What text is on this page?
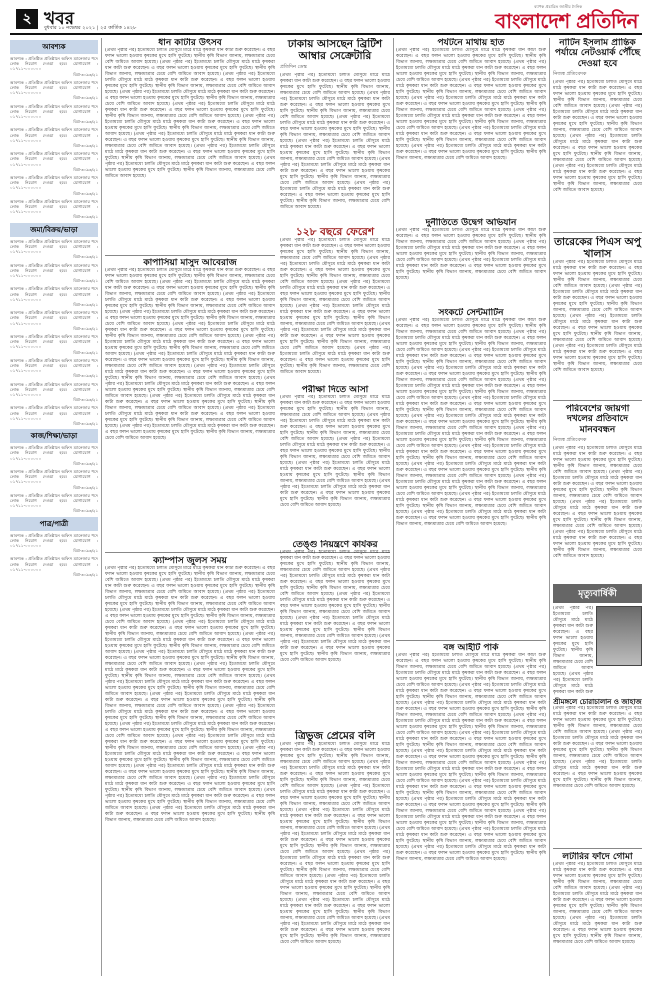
২ খবর
বুধবার ১০ নভেম্বর ২০২১ | ২৫ কার্তিক ১৪২৮
ব্যাপক প্রচারিত জাতীয় দৈনিক
বাংলাদেশ প্রতিদিন
আবশ্যক
আবশ্যক : প্রতিষ্ঠিত প্রতিষ্ঠানে অফিস ম্যানেজার পদে লোক নিয়োগ দেওয়া হবে। যোগাযোগ : ০১৭১১-০০০০০০
বিপ্র-৩০৯৩/২১
আবশ্যক : প্রতিষ্ঠিত প্রতিষ্ঠানে অফিস ম্যানেজার পদে লোক নিয়োগ দেওয়া হবে। যোগাযোগ : ০১৭১১-০০০০০০
বিপ্র-৩০৯৩/২১
আবশ্যক : প্রতিষ্ঠিত প্রতিষ্ঠানে অফিস ম্যানেজার পদে লোক নিয়োগ দেওয়া হবে। যোগাযোগ : ০১৭১১-০০০০০০
বিপ্র-৩০৯৩/২১
আবশ্যক : প্রতিষ্ঠিত প্রতিষ্ঠানে অফিস ম্যানেজার পদে লোক নিয়োগ দেওয়া হবে। যোগাযোগ : ০১৭১১-০০০০০০
বিপ্র-৩০৯৩/২১
আবশ্যক : প্রতিষ্ঠিত প্রতিষ্ঠানে অফিস ম্যানেজার পদে লোক নিয়োগ দেওয়া হবে। যোগাযোগ : ০১৭১১-০০০০০০
বিপ্র-৩০৯৩/২১
আবশ্যক : প্রতিষ্ঠিত প্রতিষ্ঠানে অফিস ম্যানেজার পদে লোক নিয়োগ দেওয়া হবে। যোগাযোগ : ০১৭১১-০০০০০০
বিপ্র-৩০৯৩/২১
আবশ্যক : প্রতিষ্ঠিত প্রতিষ্ঠানে অফিস ম্যানেজার পদে লোক নিয়োগ দেওয়া হবে। যোগাযোগ : ০১৭১১-০০০০০০
বিপ্র-৩০৯৩/২১
জমা/বিক্রয়/ভাড়া
আবশ্যক : প্রতিষ্ঠিত প্রতিষ্ঠানে অফিস ম্যানেজার পদে লোক নিয়োগ দেওয়া হবে। যোগাযোগ : ০১৭১১-০০০০০০
বিপ্র-৩০৯৩/২১
আবশ্যক : প্রতিষ্ঠিত প্রতিষ্ঠানে অফিস ম্যানেজার পদে লোক নিয়োগ দেওয়া হবে। যোগাযোগ : ০১৭১১-০০০০০০
বিপ্র-৩০৯৩/২১
আবশ্যক : প্রতিষ্ঠিত প্রতিষ্ঠানে অফিস ম্যানেজার পদে লোক নিয়োগ দেওয়া হবে। যোগাযোগ : ০১৭১১-০০০০০০
বিপ্র-৩০৯৩/২১
আবশ্যক : প্রতিষ্ঠিত প্রতিষ্ঠানে অফিস ম্যানেজার পদে লোক নিয়োগ দেওয়া হবে। যোগাযোগ : ০১৭১১-০০০০০০
বিপ্র-৩০৯৩/২১
আবশ্যক : প্রতিষ্ঠিত প্রতিষ্ঠানে অফিস ম্যানেজার পদে লোক নিয়োগ দেওয়া হবে। যোগাযোগ : ০১৭১১-০০০০০০
বিপ্র-৩০৯৩/২১
আবশ্যক : প্রতিষ্ঠিত প্রতিষ্ঠানে অফিস ম্যানেজার পদে লোক নিয়োগ দেওয়া হবে। যোগাযোগ : ০১৭১১-০০০০০০
বিপ্র-৩০৯৩/২১
আবশ্যক : প্রতিষ্ঠিত প্রতিষ্ঠানে অফিস ম্যানেজার পদে লোক নিয়োগ দেওয়া হবে। যোগাযোগ : ০১৭১১-০০০০০০
বিপ্র-৩০৯৩/২১
আবশ্যক : প্রতিষ্ঠিত প্রতিষ্ঠানে অফিস ম্যানেজার পদে লোক নিয়োগ দেওয়া হবে। যোগাযোগ : ০১৭১১-০০০০০০
বিপ্র-৩০৯৩/২১
কাজ/শিক্ষা/ভাড়া
আবশ্যক : প্রতিষ্ঠিত প্রতিষ্ঠানে অফিস ম্যানেজার পদে লোক নিয়োগ দেওয়া হবে। যোগাযোগ : ০১৭১১-০০০০০০
বিপ্র-৩০৯৩/২১
আবশ্যক : প্রতিষ্ঠিত প্রতিষ্ঠানে অফিস ম্যানেজার পদে লোক নিয়োগ দেওয়া হবে। যোগাযোগ : ০১৭১১-০০০০০০
বিপ্র-৩০৯৩/২১
আবশ্যক : প্রতিষ্ঠিত প্রতিষ্ঠানে অফিস ম্যানেজার পদে লোক নিয়োগ দেওয়া হবে। যোগাযোগ : ০১৭১১-০০০০০০
বিপ্র-৩০৯৩/২১
পাত্র/পাত্রী
আবশ্যক : প্রতিষ্ঠিত প্রতিষ্ঠানে অফিস ম্যানেজার পদে লোক নিয়োগ দেওয়া হবে। যোগাযোগ : ০১৭১১-০০০০০০
বিপ্র-৩০৯৩/২১
আবশ্যক : প্রতিষ্ঠিত প্রতিষ্ঠানে অফিস ম্যানেজার পদে লোক নিয়োগ দেওয়া হবে। যোগাযোগ : ০১৭১১-০০০০০০
বিপ্র-৩০৯৩/২১
ধান কাটার উৎসব
(প্রথম পৃষ্ঠার পর) ইতোমধ্যে চলতি মৌসুমে মাঠে মাঠে কৃষকরা ধান কাটা শুরু করেছেন। এ বছর ফলন ভালো হওয়ায় কৃষকের মুখে হাসি ফুটেছে। স্থানীয় কৃষি বিভাগ জানায়, লক্ষ্যমাত্রার চেয়ে বেশি জমিতে আবাদ হয়েছে। (প্রথম পৃষ্ঠার পর) ইতোমধ্যে চলতি মৌসুমে মাঠে মাঠে কৃষকরা ধান কাটা শুরু করেছেন। এ বছর ফলন ভালো হওয়ায় কৃষকের মুখে হাসি ফুটেছে। স্থানীয় কৃষি বিভাগ জানায়, লক্ষ্যমাত্রার চেয়ে বেশি জমিতে আবাদ হয়েছে। (প্রথম পৃষ্ঠার পর) ইতোমধ্যে চলতি মৌসুমে মাঠে মাঠে কৃষকরা ধান কাটা শুরু করেছেন। এ বছর ফলন ভালো হওয়ায় কৃষকের মুখে হাসি ফুটেছে। স্থানীয় কৃষি বিভাগ জানায়, লক্ষ্যমাত্রার চেয়ে বেশি জমিতে আবাদ হয়েছে। (প্রথম পৃষ্ঠার পর) ইতোমধ্যে চলতি মৌসুমে মাঠে মাঠে কৃষকরা ধান কাটা শুরু করেছেন। এ বছর ফলন ভালো হওয়ায় কৃষকের মুখে হাসি ফুটেছে। স্থানীয় কৃষি বিভাগ জানায়, লক্ষ্যমাত্রার চেয়ে বেশি জমিতে আবাদ হয়েছে। (প্রথম পৃষ্ঠার পর) ইতোমধ্যে চলতি মৌসুমে মাঠে মাঠে কৃষকরা ধান কাটা শুরু করেছেন। এ বছর ফলন ভালো হওয়ায় কৃষকের মুখে হাসি ফুটেছে। স্থানীয় কৃষি বিভাগ জানায়, লক্ষ্যমাত্রার চেয়ে বেশি জমিতে আবাদ হয়েছে। (প্রথম পৃষ্ঠার পর) ইতোমধ্যে চলতি মৌসুমে মাঠে মাঠে কৃষকরা ধান কাটা শুরু করেছেন। এ বছর ফলন ভালো হওয়ায় কৃষকের মুখে হাসি ফুটেছে। স্থানীয় কৃষি বিভাগ জানায়, লক্ষ্যমাত্রার চেয়ে বেশি জমিতে আবাদ হয়েছে। (প্রথম পৃষ্ঠার পর) ইতোমধ্যে চলতি মৌসুমে মাঠে মাঠে কৃষকরা ধান কাটা শুরু করেছেন। এ বছর ফলন ভালো হওয়ায় কৃষকের মুখে হাসি ফুটেছে। স্থানীয় কৃষি বিভাগ জানায়, লক্ষ্যমাত্রার চেয়ে বেশি জমিতে আবাদ হয়েছে। (প্রথম পৃষ্ঠার পর) ইতোমধ্যে চলতি মৌসুমে মাঠে মাঠে কৃষকরা ধান কাটা শুরু করেছেন। এ বছর ফলন ভালো হওয়ায় কৃষকের মুখে হাসি ফুটেছে। স্থানীয় কৃষি বিভাগ জানায়, লক্ষ্যমাত্রার চেয়ে বেশি জমিতে আবাদ হয়েছে। (প্রথম পৃষ্ঠার পর) ইতোমধ্যে চলতি মৌসুমে মাঠে মাঠে কৃষকরা ধান কাটা শুরু করেছেন। এ বছর ফলন ভালো হওয়ায় কৃষকের মুখে হাসি ফুটেছে। স্থানীয় কৃষি বিভাগ জানায়, লক্ষ্যমাত্রার চেয়ে বেশি জমিতে আবাদ হয়েছে।
ঢাকায় আসছেন ব্রিটিশ আম্বার সেক্রেটারি
প্রতিদিন ডেস্ক
(প্রথম পৃষ্ঠার পর) ইতোমধ্যে চলতি মৌসুমে মাঠে মাঠে কৃষকরা ধান কাটা শুরু করেছেন। এ বছর ফলন ভালো হওয়ায় কৃষকের মুখে হাসি ফুটেছে। স্থানীয় কৃষি বিভাগ জানায়, লক্ষ্যমাত্রার চেয়ে বেশি জমিতে আবাদ হয়েছে। (প্রথম পৃষ্ঠার পর) ইতোমধ্যে চলতি মৌসুমে মাঠে মাঠে কৃষকরা ধান কাটা শুরু করেছেন। এ বছর ফলন ভালো হওয়ায় কৃষকের মুখে হাসি ফুটেছে। স্থানীয় কৃষি বিভাগ জানায়, লক্ষ্যমাত্রার চেয়ে বেশি জমিতে আবাদ হয়েছে। (প্রথম পৃষ্ঠার পর) ইতোমধ্যে চলতি মৌসুমে মাঠে মাঠে কৃষকরা ধান কাটা শুরু করেছেন। এ বছর ফলন ভালো হওয়ায় কৃষকের মুখে হাসি ফুটেছে। স্থানীয় কৃষি বিভাগ জানায়, লক্ষ্যমাত্রার চেয়ে বেশি জমিতে আবাদ হয়েছে। (প্রথম পৃষ্ঠার পর) ইতোমধ্যে চলতি মৌসুমে মাঠে মাঠে কৃষকরা ধান কাটা শুরু করেছেন। এ বছর ফলন ভালো হওয়ায় কৃষকের মুখে হাসি ফুটেছে। স্থানীয় কৃষি বিভাগ জানায়, লক্ষ্যমাত্রার চেয়ে বেশি জমিতে আবাদ হয়েছে। (প্রথম পৃষ্ঠার পর) ইতোমধ্যে চলতি মৌসুমে মাঠে মাঠে কৃষকরা ধান কাটা শুরু করেছেন। এ বছর ফলন ভালো হওয়ায় কৃষকের মুখে হাসি ফুটেছে। স্থানীয় কৃষি বিভাগ জানায়, লক্ষ্যমাত্রার চেয়ে বেশি জমিতে আবাদ হয়েছে। (প্রথম পৃষ্ঠার পর) ইতোমধ্যে চলতি মৌসুমে মাঠে মাঠে কৃষকরা ধান কাটা শুরু করেছেন। এ বছর ফলন ভালো হওয়ায় কৃষকের মুখে হাসি ফুটেছে। স্থানীয় কৃষি বিভাগ জানায়, লক্ষ্যমাত্রার চেয়ে বেশি জমিতে আবাদ হয়েছে।
কাপাসিয়া মাসুদ আবেরাজ
(প্রথম পৃষ্ঠার পর) ইতোমধ্যে চলতি মৌসুমে মাঠে মাঠে কৃষকরা ধান কাটা শুরু করেছেন। এ বছর ফলন ভালো হওয়ায় কৃষকের মুখে হাসি ফুটেছে। স্থানীয় কৃষি বিভাগ জানায়, লক্ষ্যমাত্রার চেয়ে বেশি জমিতে আবাদ হয়েছে। (প্রথম পৃষ্ঠার পর) ইতোমধ্যে চলতি মৌসুমে মাঠে মাঠে কৃষকরা ধান কাটা শুরু করেছেন। এ বছর ফলন ভালো হওয়ায় কৃষকের মুখে হাসি ফুটেছে। স্থানীয় কৃষি বিভাগ জানায়, লক্ষ্যমাত্রার চেয়ে বেশি জমিতে আবাদ হয়েছে। (প্রথম পৃষ্ঠার পর) ইতোমধ্যে চলতি মৌসুমে মাঠে মাঠে কৃষকরা ধান কাটা শুরু করেছেন। এ বছর ফলন ভালো হওয়ায় কৃষকের মুখে হাসি ফুটেছে। স্থানীয় কৃষি বিভাগ জানায়, লক্ষ্যমাত্রার চেয়ে বেশি জমিতে আবাদ হয়েছে। (প্রথম পৃষ্ঠার পর) ইতোমধ্যে চলতি মৌসুমে মাঠে মাঠে কৃষকরা ধান কাটা শুরু করেছেন। এ বছর ফলন ভালো হওয়ায় কৃষকের মুখে হাসি ফুটেছে। স্থানীয় কৃষি বিভাগ জানায়, লক্ষ্যমাত্রার চেয়ে বেশি জমিতে আবাদ হয়েছে। (প্রথম পৃষ্ঠার পর) ইতোমধ্যে চলতি মৌসুমে মাঠে মাঠে কৃষকরা ধান কাটা শুরু করেছেন। এ বছর ফলন ভালো হওয়ায় কৃষকের মুখে হাসি ফুটেছে। স্থানীয় কৃষি বিভাগ জানায়, লক্ষ্যমাত্রার চেয়ে বেশি জমিতে আবাদ হয়েছে। (প্রথম পৃষ্ঠার পর) ইতোমধ্যে চলতি মৌসুমে মাঠে মাঠে কৃষকরা ধান কাটা শুরু করেছেন। এ বছর ফলন ভালো হওয়ায় কৃষকের মুখে হাসি ফুটেছে। স্থানীয় কৃষি বিভাগ জানায়, লক্ষ্যমাত্রার চেয়ে বেশি জমিতে আবাদ হয়েছে। (প্রথম পৃষ্ঠার পর) ইতোমধ্যে চলতি মৌসুমে মাঠে মাঠে কৃষকরা ধান কাটা শুরু করেছেন। এ বছর ফলন ভালো হওয়ায় কৃষকের মুখে হাসি ফুটেছে। স্থানীয় কৃষি বিভাগ জানায়, লক্ষ্যমাত্রার চেয়ে বেশি জমিতে আবাদ হয়েছে। (প্রথম পৃষ্ঠার পর) ইতোমধ্যে চলতি মৌসুমে মাঠে মাঠে কৃষকরা ধান কাটা শুরু করেছেন। এ বছর ফলন ভালো হওয়ায় কৃষকের মুখে হাসি ফুটেছে। স্থানীয় কৃষি বিভাগ জানায়, লক্ষ্যমাত্রার চেয়ে বেশি জমিতে আবাদ হয়েছে। (প্রথম পৃষ্ঠার পর) ইতোমধ্যে চলতি মৌসুমে মাঠে মাঠে কৃষকরা ধান কাটা শুরু করেছেন। এ বছর ফলন ভালো হওয়ায় কৃষকের মুখে হাসি ফুটেছে। স্থানীয় কৃষি বিভাগ জানায়, লক্ষ্যমাত্রার চেয়ে বেশি জমিতে আবাদ হয়েছে। (প্রথম পৃষ্ঠার পর) ইতোমধ্যে চলতি মৌসুমে মাঠে মাঠে কৃষকরা ধান কাটা শুরু করেছেন। এ বছর ফলন ভালো হওয়ায় কৃষকের মুখে হাসি ফুটেছে। স্থানীয় কৃষি বিভাগ জানায়, লক্ষ্যমাত্রার চেয়ে বেশি জমিতে আবাদ হয়েছে। (প্রথম পৃষ্ঠার পর) ইতোমধ্যে চলতি মৌসুমে মাঠে মাঠে কৃষকরা ধান কাটা শুরু করেছেন। এ বছর ফলন ভালো হওয়ায় কৃষকের মুখে হাসি ফুটেছে। স্থানীয় কৃষি বিভাগ জানায়, লক্ষ্যমাত্রার চেয়ে বেশি জমিতে আবাদ হয়েছে। (প্রথম পৃষ্ঠার পর) ইতোমধ্যে চলতি মৌসুমে মাঠে মাঠে কৃষকরা ধান কাটা শুরু করেছেন। এ বছর ফলন ভালো হওয়ায় কৃষকের মুখে হাসি ফুটেছে। স্থানীয় কৃষি বিভাগ জানায়, লক্ষ্যমাত্রার চেয়ে বেশি জমিতে আবাদ হয়েছে।
১২৮ বছরে ফেরেশ
(প্রথম পৃষ্ঠার পর) ইতোমধ্যে চলতি মৌসুমে মাঠে মাঠে কৃষকরা ধান কাটা শুরু করেছেন। এ বছর ফলন ভালো হওয়ায় কৃষকের মুখে হাসি ফুটেছে। স্থানীয় কৃষি বিভাগ জানায়, লক্ষ্যমাত্রার চেয়ে বেশি জমিতে আবাদ হয়েছে। (প্রথম পৃষ্ঠার পর) ইতোমধ্যে চলতি মৌসুমে মাঠে মাঠে কৃষকরা ধান কাটা শুরু করেছেন। এ বছর ফলন ভালো হওয়ায় কৃষকের মুখে হাসি ফুটেছে। স্থানীয় কৃষি বিভাগ জানায়, লক্ষ্যমাত্রার চেয়ে বেশি জমিতে আবাদ হয়েছে। (প্রথম পৃষ্ঠার পর) ইতোমধ্যে চলতি মৌসুমে মাঠে মাঠে কৃষকরা ধান কাটা শুরু করেছেন। এ বছর ফলন ভালো হওয়ায় কৃষকের মুখে হাসি ফুটেছে। স্থানীয় কৃষি বিভাগ জানায়, লক্ষ্যমাত্রার চেয়ে বেশি জমিতে আবাদ হয়েছে। (প্রথম পৃষ্ঠার পর) ইতোমধ্যে চলতি মৌসুমে মাঠে মাঠে কৃষকরা ধান কাটা শুরু করেছেন। এ বছর ফলন ভালো হওয়ায় কৃষকের মুখে হাসি ফুটেছে। স্থানীয় কৃষি বিভাগ জানায়, লক্ষ্যমাত্রার চেয়ে বেশি জমিতে আবাদ হয়েছে। (প্রথম পৃষ্ঠার পর) ইতোমধ্যে চলতি মৌসুমে মাঠে মাঠে কৃষকরা ধান কাটা শুরু করেছেন। এ বছর ফলন ভালো হওয়ায় কৃষকের মুখে হাসি ফুটেছে। স্থানীয় কৃষি বিভাগ জানায়, লক্ষ্যমাত্রার চেয়ে বেশি জমিতে আবাদ হয়েছে। (প্রথম পৃষ্ঠার পর) ইতোমধ্যে চলতি মৌসুমে মাঠে মাঠে কৃষকরা ধান কাটা শুরু করেছেন। এ বছর ফলন ভালো হওয়ায় কৃষকের মুখে হাসি ফুটেছে। স্থানীয় কৃষি বিভাগ জানায়, লক্ষ্যমাত্রার চেয়ে বেশি জমিতে আবাদ হয়েছে।
পরীক্ষা দিতে আসা
(প্রথম পৃষ্ঠার পর) ইতোমধ্যে চলতি মৌসুমে মাঠে মাঠে কৃষকরা ধান কাটা শুরু করেছেন। এ বছর ফলন ভালো হওয়ায় কৃষকের মুখে হাসি ফুটেছে। স্থানীয় কৃষি বিভাগ জানায়, লক্ষ্যমাত্রার চেয়ে বেশি জমিতে আবাদ হয়েছে। (প্রথম পৃষ্ঠার পর) ইতোমধ্যে চলতি মৌসুমে মাঠে মাঠে কৃষকরা ধান কাটা শুরু করেছেন। এ বছর ফলন ভালো হওয়ায় কৃষকের মুখে হাসি ফুটেছে। স্থানীয় কৃষি বিভাগ জানায়, লক্ষ্যমাত্রার চেয়ে বেশি জমিতে আবাদ হয়েছে। (প্রথম পৃষ্ঠার পর) ইতোমধ্যে চলতি মৌসুমে মাঠে মাঠে কৃষকরা ধান কাটা শুরু করেছেন। এ বছর ফলন ভালো হওয়ায় কৃষকের মুখে হাসি ফুটেছে। স্থানীয় কৃষি বিভাগ জানায়, লক্ষ্যমাত্রার চেয়ে বেশি জমিতে আবাদ হয়েছে। (প্রথম পৃষ্ঠার পর) ইতোমধ্যে চলতি মৌসুমে মাঠে মাঠে কৃষকরা ধান কাটা শুরু করেছেন। এ বছর ফলন ভালো হওয়ায় কৃষকের মুখে হাসি ফুটেছে। স্থানীয় কৃষি বিভাগ জানায়, লক্ষ্যমাত্রার চেয়ে বেশি জমিতে আবাদ হয়েছে। (প্রথম পৃষ্ঠার পর) ইতোমধ্যে চলতি মৌসুমে মাঠে মাঠে কৃষকরা ধান কাটা শুরু করেছেন। এ বছর ফলন ভালো হওয়ায় কৃষকের মুখে হাসি ফুটেছে। স্থানীয় কৃষি বিভাগ জানায়, লক্ষ্যমাত্রার চেয়ে বেশি জমিতে আবাদ হয়েছে।
ক্যাম্পাস জুলস সময়
(প্রথম পৃষ্ঠার পর) ইতোমধ্যে চলতি মৌসুমে মাঠে মাঠে কৃষকরা ধান কাটা শুরু করেছেন। এ বছর ফলন ভালো হওয়ায় কৃষকের মুখে হাসি ফুটেছে। স্থানীয় কৃষি বিভাগ জানায়, লক্ষ্যমাত্রার চেয়ে বেশি জমিতে আবাদ হয়েছে। (প্রথম পৃষ্ঠার পর) ইতোমধ্যে চলতি মৌসুমে মাঠে মাঠে কৃষকরা ধান কাটা শুরু করেছেন। এ বছর ফলন ভালো হওয়ায় কৃষকের মুখে হাসি ফুটেছে। স্থানীয় কৃষি বিভাগ জানায়, লক্ষ্যমাত্রার চেয়ে বেশি জমিতে আবাদ হয়েছে। (প্রথম পৃষ্ঠার পর) ইতোমধ্যে চলতি মৌসুমে মাঠে মাঠে কৃষকরা ধান কাটা শুরু করেছেন। এ বছর ফলন ভালো হওয়ায় কৃষকের মুখে হাসি ফুটেছে। স্থানীয় কৃষি বিভাগ জানায়, লক্ষ্যমাত্রার চেয়ে বেশি জমিতে আবাদ হয়েছে। (প্রথম পৃষ্ঠার পর) ইতোমধ্যে চলতি মৌসুমে মাঠে মাঠে কৃষকরা ধান কাটা শুরু করেছেন। এ বছর ফলন ভালো হওয়ায় কৃষকের মুখে হাসি ফুটেছে। স্থানীয় কৃষি বিভাগ জানায়, লক্ষ্যমাত্রার চেয়ে বেশি জমিতে আবাদ হয়েছে। (প্রথম পৃষ্ঠার পর) ইতোমধ্যে চলতি মৌসুমে মাঠে মাঠে কৃষকরা ধান কাটা শুরু করেছেন। এ বছর ফলন ভালো হওয়ায় কৃষকের মুখে হাসি ফুটেছে। স্থানীয় কৃষি বিভাগ জানায়, লক্ষ্যমাত্রার চেয়ে বেশি জমিতে আবাদ হয়েছে। (প্রথম পৃষ্ঠার পর) ইতোমধ্যে চলতি মৌসুমে মাঠে মাঠে কৃষকরা ধান কাটা শুরু করেছেন। এ বছর ফলন ভালো হওয়ায় কৃষকের মুখে হাসি ফুটেছে। স্থানীয় কৃষি বিভাগ জানায়, লক্ষ্যমাত্রার চেয়ে বেশি জমিতে আবাদ হয়েছে। (প্রথম পৃষ্ঠার পর) ইতোমধ্যে চলতি মৌসুমে মাঠে মাঠে কৃষকরা ধান কাটা শুরু করেছেন। এ বছর ফলন ভালো হওয়ায় কৃষকের মুখে হাসি ফুটেছে। স্থানীয় কৃষি বিভাগ জানায়, লক্ষ্যমাত্রার চেয়ে বেশি জমিতে আবাদ হয়েছে। (প্রথম পৃষ্ঠার পর) ইতোমধ্যে চলতি মৌসুমে মাঠে মাঠে কৃষকরা ধান কাটা শুরু করেছেন। এ বছর ফলন ভালো হওয়ায় কৃষকের মুখে হাসি ফুটেছে। স্থানীয় কৃষি বিভাগ জানায়, লক্ষ্যমাত্রার চেয়ে বেশি জমিতে আবাদ হয়েছে। (প্রথম পৃষ্ঠার পর) ইতোমধ্যে চলতি মৌসুমে মাঠে মাঠে কৃষকরা ধান কাটা শুরু করেছেন। এ বছর ফলন ভালো হওয়ায় কৃষকের মুখে হাসি ফুটেছে। স্থানীয় কৃষি বিভাগ জানায়, লক্ষ্যমাত্রার চেয়ে বেশি জমিতে আবাদ হয়েছে। (প্রথম পৃষ্ঠার পর) ইতোমধ্যে চলতি মৌসুমে মাঠে মাঠে কৃষকরা ধান কাটা শুরু করেছেন। এ বছর ফলন ভালো হওয়ায় কৃষকের মুখে হাসি ফুটেছে। স্থানীয় কৃষি বিভাগ জানায়, লক্ষ্যমাত্রার চেয়ে বেশি জমিতে আবাদ হয়েছে। (প্রথম পৃষ্ঠার পর) ইতোমধ্যে চলতি মৌসুমে মাঠে মাঠে কৃষকরা ধান কাটা শুরু করেছেন। এ বছর ফলন ভালো হওয়ায় কৃষকের মুখে হাসি ফুটেছে। স্থানীয় কৃষি বিভাগ জানায়, লক্ষ্যমাত্রার চেয়ে বেশি জমিতে আবাদ হয়েছে। (প্রথম পৃষ্ঠার পর) ইতোমধ্যে চলতি মৌসুমে মাঠে মাঠে কৃষকরা ধান কাটা শুরু করেছেন। এ বছর ফলন ভালো হওয়ায় কৃষকের মুখে হাসি ফুটেছে। স্থানীয় কৃষি বিভাগ জানায়, লক্ষ্যমাত্রার চেয়ে বেশি জমিতে আবাদ হয়েছে। (প্রথম পৃষ্ঠার পর) ইতোমধ্যে চলতি মৌসুমে মাঠে মাঠে কৃষকরা ধান কাটা শুরু করেছেন। এ বছর ফলন ভালো হওয়ায় কৃষকের মুখে হাসি ফুটেছে। স্থানীয় কৃষি বিভাগ জানায়, লক্ষ্যমাত্রার চেয়ে বেশি জমিতে আবাদ হয়েছে। (প্রথম পৃষ্ঠার পর) ইতোমধ্যে চলতি মৌসুমে মাঠে মাঠে কৃষকরা ধান কাটা শুরু করেছেন। এ বছর ফলন ভালো হওয়ায় কৃষকের মুখে হাসি ফুটেছে। স্থানীয় কৃষি বিভাগ জানায়, লক্ষ্যমাত্রার চেয়ে বেশি জমিতে আবাদ হয়েছে। (প্রথম পৃষ্ঠার পর) ইতোমধ্যে চলতি মৌসুমে মাঠে মাঠে কৃষকরা ধান কাটা শুরু করেছেন। এ বছর ফলন ভালো হওয়ায় কৃষকের মুখে হাসি ফুটেছে। স্থানীয় কৃষি বিভাগ জানায়, লক্ষ্যমাত্রার চেয়ে বেশি জমিতে আবাদ হয়েছে। (প্রথম পৃষ্ঠার পর) ইতোমধ্যে চলতি মৌসুমে মাঠে মাঠে কৃষকরা ধান কাটা শুরু করেছেন। এ বছর ফলন ভালো হওয়ায় কৃষকের মুখে হাসি ফুটেছে। স্থানীয় কৃষি বিভাগ জানায়, লক্ষ্যমাত্রার চেয়ে বেশি জমিতে আবাদ হয়েছে। (প্রথম পৃষ্ঠার পর) ইতোমধ্যে চলতি মৌসুমে মাঠে মাঠে কৃষকরা ধান কাটা শুরু করেছেন। এ বছর ফলন ভালো হওয়ায় কৃষকের মুখে হাসি ফুটেছে। স্থানীয় কৃষি বিভাগ জানায়, লক্ষ্যমাত্রার চেয়ে বেশি জমিতে আবাদ হয়েছে। (প্রথম পৃষ্ঠার পর) ইতোমধ্যে চলতি মৌসুমে মাঠে মাঠে কৃষকরা ধান কাটা শুরু করেছেন। এ বছর ফলন ভালো হওয়ায় কৃষকের মুখে হাসি ফুটেছে। স্থানীয় কৃষি বিভাগ জানায়, লক্ষ্যমাত্রার চেয়ে বেশি জমিতে আবাদ হয়েছে।
তেঙ্গু নিয়ন্ত্রণে কার্যকর
(প্রথম পৃষ্ঠার পর) ইতোমধ্যে চলতি মৌসুমে মাঠে মাঠে কৃষকরা ধান কাটা শুরু করেছেন। এ বছর ফলন ভালো হওয়ায় কৃষকের মুখে হাসি ফুটেছে। স্থানীয় কৃষি বিভাগ জানায়, লক্ষ্যমাত্রার চেয়ে বেশি জমিতে আবাদ হয়েছে। (প্রথম পৃষ্ঠার পর) ইতোমধ্যে চলতি মৌসুমে মাঠে মাঠে কৃষকরা ধান কাটা শুরু করেছেন। এ বছর ফলন ভালো হওয়ায় কৃষকের মুখে হাসি ফুটেছে। স্থানীয় কৃষি বিভাগ জানায়, লক্ষ্যমাত্রার চেয়ে বেশি জমিতে আবাদ হয়েছে। (প্রথম পৃষ্ঠার পর) ইতোমধ্যে চলতি মৌসুমে মাঠে মাঠে কৃষকরা ধান কাটা শুরু করেছেন। এ বছর ফলন ভালো হওয়ায় কৃষকের মুখে হাসি ফুটেছে। স্থানীয় কৃষি বিভাগ জানায়, লক্ষ্যমাত্রার চেয়ে বেশি জমিতে আবাদ হয়েছে। (প্রথম পৃষ্ঠার পর) ইতোমধ্যে চলতি মৌসুমে মাঠে মাঠে কৃষকরা ধান কাটা শুরু করেছেন। এ বছর ফলন ভালো হওয়ায় কৃষকের মুখে হাসি ফুটেছে। স্থানীয় কৃষি বিভাগ জানায়, লক্ষ্যমাত্রার চেয়ে বেশি জমিতে আবাদ হয়েছে। (প্রথম পৃষ্ঠার পর) ইতোমধ্যে চলতি মৌসুমে মাঠে মাঠে কৃষকরা ধান কাটা শুরু করেছেন। এ বছর ফলন ভালো হওয়ায় কৃষকের মুখে হাসি ফুটেছে। স্থানীয় কৃষি বিভাগ জানায়, লক্ষ্যমাত্রার চেয়ে বেশি জমিতে আবাদ হয়েছে।
ত্রিভুজ প্রেমের বলি
(প্রথম পৃষ্ঠার পর) ইতোমধ্যে চলতি মৌসুমে মাঠে মাঠে কৃষকরা ধান কাটা শুরু করেছেন। এ বছর ফলন ভালো হওয়ায় কৃষকের মুখে হাসি ফুটেছে। স্থানীয় কৃষি বিভাগ জানায়, লক্ষ্যমাত্রার চেয়ে বেশি জমিতে আবাদ হয়েছে। (প্রথম পৃষ্ঠার পর) ইতোমধ্যে চলতি মৌসুমে মাঠে মাঠে কৃষকরা ধান কাটা শুরু করেছেন। এ বছর ফলন ভালো হওয়ায় কৃষকের মুখে হাসি ফুটেছে। স্থানীয় কৃষি বিভাগ জানায়, লক্ষ্যমাত্রার চেয়ে বেশি জমিতে আবাদ হয়েছে। (প্রথম পৃষ্ঠার পর) ইতোমধ্যে চলতি মৌসুমে মাঠে মাঠে কৃষকরা ধান কাটা শুরু করেছেন। এ বছর ফলন ভালো হওয়ায় কৃষকের মুখে হাসি ফুটেছে। স্থানীয় কৃষি বিভাগ জানায়, লক্ষ্যমাত্রার চেয়ে বেশি জমিতে আবাদ হয়েছে। (প্রথম পৃষ্ঠার পর) ইতোমধ্যে চলতি মৌসুমে মাঠে মাঠে কৃষকরা ধান কাটা শুরু করেছেন। এ বছর ফলন ভালো হওয়ায় কৃষকের মুখে হাসি ফুটেছে। স্থানীয় কৃষি বিভাগ জানায়, লক্ষ্যমাত্রার চেয়ে বেশি জমিতে আবাদ হয়েছে। (প্রথম পৃষ্ঠার পর) ইতোমধ্যে চলতি মৌসুমে মাঠে মাঠে কৃষকরা ধান কাটা শুরু করেছেন। এ বছর ফলন ভালো হওয়ায় কৃষকের মুখে হাসি ফুটেছে। স্থানীয় কৃষি বিভাগ জানায়, লক্ষ্যমাত্রার চেয়ে বেশি জমিতে আবাদ হয়েছে। (প্রথম পৃষ্ঠার পর) ইতোমধ্যে চলতি মৌসুমে মাঠে মাঠে কৃষকরা ধান কাটা শুরু করেছেন। এ বছর ফলন ভালো হওয়ায় কৃষকের মুখে হাসি ফুটেছে। স্থানীয় কৃষি বিভাগ জানায়, লক্ষ্যমাত্রার চেয়ে বেশি জমিতে আবাদ হয়েছে। (প্রথম পৃষ্ঠার পর) ইতোমধ্যে চলতি মৌসুমে মাঠে মাঠে কৃষকরা ধান কাটা শুরু করেছেন। এ বছর ফলন ভালো হওয়ায় কৃষকের মুখে হাসি ফুটেছে। স্থানীয় কৃষি বিভাগ জানায়, লক্ষ্যমাত্রার চেয়ে বেশি জমিতে আবাদ হয়েছে। (প্রথম পৃষ্ঠার পর) ইতোমধ্যে চলতি মৌসুমে মাঠে মাঠে কৃষকরা ধান কাটা শুরু করেছেন। এ বছর ফলন ভালো হওয়ায় কৃষকের মুখে হাসি ফুটেছে। স্থানীয় কৃষি বিভাগ জানায়, লক্ষ্যমাত্রার চেয়ে বেশি জমিতে আবাদ হয়েছে। (প্রথম পৃষ্ঠার পর) ইতোমধ্যে চলতি মৌসুমে মাঠে মাঠে কৃষকরা ধান কাটা শুরু করেছেন। এ বছর ফলন ভালো হওয়ায় কৃষকের মুখে হাসি ফুটেছে। স্থানীয় কৃষি বিভাগ জানায়, লক্ষ্যমাত্রার চেয়ে বেশি জমিতে আবাদ হয়েছে।
পর্যটনে মাথায় হাত
(প্রথম পৃষ্ঠার পর) ইতোমধ্যে চলতি মৌসুমে মাঠে মাঠে কৃষকরা ধান কাটা শুরু করেছেন। এ বছর ফলন ভালো হওয়ায় কৃষকের মুখে হাসি ফুটেছে। স্থানীয় কৃষি বিভাগ জানায়, লক্ষ্যমাত্রার চেয়ে বেশি জমিতে আবাদ হয়েছে। (প্রথম পৃষ্ঠার পর) ইতোমধ্যে চলতি মৌসুমে মাঠে মাঠে কৃষকরা ধান কাটা শুরু করেছেন। এ বছর ফলন ভালো হওয়ায় কৃষকের মুখে হাসি ফুটেছে। স্থানীয় কৃষি বিভাগ জানায়, লক্ষ্যমাত্রার চেয়ে বেশি জমিতে আবাদ হয়েছে। (প্রথম পৃষ্ঠার পর) ইতোমধ্যে চলতি মৌসুমে মাঠে মাঠে কৃষকরা ধান কাটা শুরু করেছেন। এ বছর ফলন ভালো হওয়ায় কৃষকের মুখে হাসি ফুটেছে। স্থানীয় কৃষি বিভাগ জানায়, লক্ষ্যমাত্রার চেয়ে বেশি জমিতে আবাদ হয়েছে। (প্রথম পৃষ্ঠার পর) ইতোমধ্যে চলতি মৌসুমে মাঠে মাঠে কৃষকরা ধান কাটা শুরু করেছেন। এ বছর ফলন ভালো হওয়ায় কৃষকের মুখে হাসি ফুটেছে। স্থানীয় কৃষি বিভাগ জানায়, লক্ষ্যমাত্রার চেয়ে বেশি জমিতে আবাদ হয়েছে। (প্রথম পৃষ্ঠার পর) ইতোমধ্যে চলতি মৌসুমে মাঠে মাঠে কৃষকরা ধান কাটা শুরু করেছেন। এ বছর ফলন ভালো হওয়ায় কৃষকের মুখে হাসি ফুটেছে। স্থানীয় কৃষি বিভাগ জানায়, লক্ষ্যমাত্রার চেয়ে বেশি জমিতে আবাদ হয়েছে। (প্রথম পৃষ্ঠার পর) ইতোমধ্যে চলতি মৌসুমে মাঠে মাঠে কৃষকরা ধান কাটা শুরু করেছেন। এ বছর ফলন ভালো হওয়ায় কৃষকের মুখে হাসি ফুটেছে। স্থানীয় কৃষি বিভাগ জানায়, লক্ষ্যমাত্রার চেয়ে বেশি জমিতে আবাদ হয়েছে। (প্রথম পৃষ্ঠার পর) ইতোমধ্যে চলতি মৌসুমে মাঠে মাঠে কৃষকরা ধান কাটা শুরু করেছেন। এ বছর ফলন ভালো হওয়ায় কৃষকের মুখে হাসি ফুটেছে। স্থানীয় কৃষি বিভাগ জানায়, লক্ষ্যমাত্রার চেয়ে বেশি জমিতে আবাদ হয়েছে।
দুর্নীতিতে উদ্বেগ অভিযান
(প্রথম পৃষ্ঠার পর) ইতোমধ্যে চলতি মৌসুমে মাঠে মাঠে কৃষকরা ধান কাটা শুরু করেছেন। এ বছর ফলন ভালো হওয়ায় কৃষকের মুখে হাসি ফুটেছে। স্থানীয় কৃষি বিভাগ জানায়, লক্ষ্যমাত্রার চেয়ে বেশি জমিতে আবাদ হয়েছে। (প্রথম পৃষ্ঠার পর) ইতোমধ্যে চলতি মৌসুমে মাঠে মাঠে কৃষকরা ধান কাটা শুরু করেছেন। এ বছর ফলন ভালো হওয়ায় কৃষকের মুখে হাসি ফুটেছে। স্থানীয় কৃষি বিভাগ জানায়, লক্ষ্যমাত্রার চেয়ে বেশি জমিতে আবাদ হয়েছে। (প্রথম পৃষ্ঠার পর) ইতোমধ্যে চলতি মৌসুমে মাঠে মাঠে কৃষকরা ধান কাটা শুরু করেছেন। এ বছর ফলন ভালো হওয়ায় কৃষকের মুখে হাসি ফুটেছে। স্থানীয় কৃষি বিভাগ জানায়, লক্ষ্যমাত্রার চেয়ে বেশি জমিতে আবাদ হয়েছে।
সংকটে সেন্টমার্টিন
(প্রথম পৃষ্ঠার পর) ইতোমধ্যে চলতি মৌসুমে মাঠে মাঠে কৃষকরা ধান কাটা শুরু করেছেন। এ বছর ফলন ভালো হওয়ায় কৃষকের মুখে হাসি ফুটেছে। স্থানীয় কৃষি বিভাগ জানায়, লক্ষ্যমাত্রার চেয়ে বেশি জমিতে আবাদ হয়েছে। (প্রথম পৃষ্ঠার পর) ইতোমধ্যে চলতি মৌসুমে মাঠে মাঠে কৃষকরা ধান কাটা শুরু করেছেন। এ বছর ফলন ভালো হওয়ায় কৃষকের মুখে হাসি ফুটেছে। স্থানীয় কৃষি বিভাগ জানায়, লক্ষ্যমাত্রার চেয়ে বেশি জমিতে আবাদ হয়েছে। (প্রথম পৃষ্ঠার পর) ইতোমধ্যে চলতি মৌসুমে মাঠে মাঠে কৃষকরা ধান কাটা শুরু করেছেন। এ বছর ফলন ভালো হওয়ায় কৃষকের মুখে হাসি ফুটেছে। স্থানীয় কৃষি বিভাগ জানায়, লক্ষ্যমাত্রার চেয়ে বেশি জমিতে আবাদ হয়েছে। (প্রথম পৃষ্ঠার পর) ইতোমধ্যে চলতি মৌসুমে মাঠে মাঠে কৃষকরা ধান কাটা শুরু করেছেন। এ বছর ফলন ভালো হওয়ায় কৃষকের মুখে হাসি ফুটেছে। স্থানীয় কৃষি বিভাগ জানায়, লক্ষ্যমাত্রার চেয়ে বেশি জমিতে আবাদ হয়েছে। (প্রথম পৃষ্ঠার পর) ইতোমধ্যে চলতি মৌসুমে মাঠে মাঠে কৃষকরা ধান কাটা শুরু করেছেন। এ বছর ফলন ভালো হওয়ায় কৃষকের মুখে হাসি ফুটেছে। স্থানীয় কৃষি বিভাগ জানায়, লক্ষ্যমাত্রার চেয়ে বেশি জমিতে আবাদ হয়েছে। (প্রথম পৃষ্ঠার পর) ইতোমধ্যে চলতি মৌসুমে মাঠে মাঠে কৃষকরা ধান কাটা শুরু করেছেন। এ বছর ফলন ভালো হওয়ায় কৃষকের মুখে হাসি ফুটেছে। স্থানীয় কৃষি বিভাগ জানায়, লক্ষ্যমাত্রার চেয়ে বেশি জমিতে আবাদ হয়েছে। (প্রথম পৃষ্ঠার পর) ইতোমধ্যে চলতি মৌসুমে মাঠে মাঠে কৃষকরা ধান কাটা শুরু করেছেন। এ বছর ফলন ভালো হওয়ায় কৃষকের মুখে হাসি ফুটেছে। স্থানীয় কৃষি বিভাগ জানায়, লক্ষ্যমাত্রার চেয়ে বেশি জমিতে আবাদ হয়েছে। (প্রথম পৃষ্ঠার পর) ইতোমধ্যে চলতি মৌসুমে মাঠে মাঠে কৃষকরা ধান কাটা শুরু করেছেন। এ বছর ফলন ভালো হওয়ায় কৃষকের মুখে হাসি ফুটেছে। স্থানীয় কৃষি বিভাগ জানায়, লক্ষ্যমাত্রার চেয়ে বেশি জমিতে আবাদ হয়েছে। (প্রথম পৃষ্ঠার পর) ইতোমধ্যে চলতি মৌসুমে মাঠে মাঠে কৃষকরা ধান কাটা শুরু করেছেন। এ বছর ফলন ভালো হওয়ায় কৃষকের মুখে হাসি ফুটেছে। স্থানীয় কৃষি বিভাগ জানায়, লক্ষ্যমাত্রার চেয়ে বেশি জমিতে আবাদ হয়েছে। (প্রথম পৃষ্ঠার পর) ইতোমধ্যে চলতি মৌসুমে মাঠে মাঠে কৃষকরা ধান কাটা শুরু করেছেন। এ বছর ফলন ভালো হওয়ায় কৃষকের মুখে হাসি ফুটেছে। স্থানীয় কৃষি বিভাগ জানায়, লক্ষ্যমাত্রার চেয়ে বেশি জমিতে আবাদ হয়েছে। (প্রথম পৃষ্ঠার পর) ইতোমধ্যে চলতি মৌসুমে মাঠে মাঠে কৃষকরা ধান কাটা শুরু করেছেন। এ বছর ফলন ভালো হওয়ায় কৃষকের মুখে হাসি ফুটেছে। স্থানীয় কৃষি বিভাগ জানায়, লক্ষ্যমাত্রার চেয়ে বেশি জমিতে আবাদ হয়েছে। (প্রথম পৃষ্ঠার পর) ইতোমধ্যে চলতি মৌসুমে মাঠে মাঠে কৃষকরা ধান কাটা শুরু করেছেন। এ বছর ফলন ভালো হওয়ায় কৃষকের মুখে হাসি ফুটেছে। স্থানীয় কৃষি বিভাগ জানায়, লক্ষ্যমাত্রার চেয়ে বেশি জমিতে আবাদ হয়েছে। (প্রথম পৃষ্ঠার পর) ইতোমধ্যে চলতি মৌসুমে মাঠে মাঠে কৃষকরা ধান কাটা শুরু করেছেন। এ বছর ফলন ভালো হওয়ায় কৃষকের মুখে হাসি ফুটেছে। স্থানীয় কৃষি বিভাগ জানায়, লক্ষ্যমাত্রার চেয়ে বেশি জমিতে আবাদ হয়েছে।
বঙ্গ আইটি পার্ক
(প্রথম পৃষ্ঠার পর) ইতোমধ্যে চলতি মৌসুমে মাঠে মাঠে কৃষকরা ধান কাটা শুরু করেছেন। এ বছর ফলন ভালো হওয়ায় কৃষকের মুখে হাসি ফুটেছে। স্থানীয় কৃষি বিভাগ জানায়, লক্ষ্যমাত্রার চেয়ে বেশি জমিতে আবাদ হয়েছে। (প্রথম পৃষ্ঠার পর) ইতোমধ্যে চলতি মৌসুমে মাঠে মাঠে কৃষকরা ধান কাটা শুরু করেছেন। এ বছর ফলন ভালো হওয়ায় কৃষকের মুখে হাসি ফুটেছে। স্থানীয় কৃষি বিভাগ জানায়, লক্ষ্যমাত্রার চেয়ে বেশি জমিতে আবাদ হয়েছে। (প্রথম পৃষ্ঠার পর) ইতোমধ্যে চলতি মৌসুমে মাঠে মাঠে কৃষকরা ধান কাটা শুরু করেছেন। এ বছর ফলন ভালো হওয়ায় কৃষকের মুখে হাসি ফুটেছে। স্থানীয় কৃষি বিভাগ জানায়, লক্ষ্যমাত্রার চেয়ে বেশি জমিতে আবাদ হয়েছে। (প্রথম পৃষ্ঠার পর) ইতোমধ্যে চলতি মৌসুমে মাঠে মাঠে কৃষকরা ধান কাটা শুরু করেছেন। এ বছর ফলন ভালো হওয়ায় কৃষকের মুখে হাসি ফুটেছে। স্থানীয় কৃষি বিভাগ জানায়, লক্ষ্যমাত্রার চেয়ে বেশি জমিতে আবাদ হয়েছে। (প্রথম পৃষ্ঠার পর) ইতোমধ্যে চলতি মৌসুমে মাঠে মাঠে কৃষকরা ধান কাটা শুরু করেছেন। এ বছর ফলন ভালো হওয়ায় কৃষকের মুখে হাসি ফুটেছে। স্থানীয় কৃষি বিভাগ জানায়, লক্ষ্যমাত্রার চেয়ে বেশি জমিতে আবাদ হয়েছে। (প্রথম পৃষ্ঠার পর) ইতোমধ্যে চলতি মৌসুমে মাঠে মাঠে কৃষকরা ধান কাটা শুরু করেছেন। এ বছর ফলন ভালো হওয়ায় কৃষকের মুখে হাসি ফুটেছে। স্থানীয় কৃষি বিভাগ জানায়, লক্ষ্যমাত্রার চেয়ে বেশি জমিতে আবাদ হয়েছে। (প্রথম পৃষ্ঠার পর) ইতোমধ্যে চলতি মৌসুমে মাঠে মাঠে কৃষকরা ধান কাটা শুরু করেছেন। এ বছর ফলন ভালো হওয়ায় কৃষকের মুখে হাসি ফুটেছে। স্থানীয় কৃষি বিভাগ জানায়, লক্ষ্যমাত্রার চেয়ে বেশি জমিতে আবাদ হয়েছে। (প্রথম পৃষ্ঠার পর) ইতোমধ্যে চলতি মৌসুমে মাঠে মাঠে কৃষকরা ধান কাটা শুরু করেছেন। এ বছর ফলন ভালো হওয়ায় কৃষকের মুখে হাসি ফুটেছে। স্থানীয় কৃষি বিভাগ জানায়, লক্ষ্যমাত্রার চেয়ে বেশি জমিতে আবাদ হয়েছে। (প্রথম পৃষ্ঠার পর) ইতোমধ্যে চলতি মৌসুমে মাঠে মাঠে কৃষকরা ধান কাটা শুরু করেছেন। এ বছর ফলন ভালো হওয়ায় কৃষকের মুখে হাসি ফুটেছে। স্থানীয় কৃষি বিভাগ জানায়, লক্ষ্যমাত্রার চেয়ে বেশি জমিতে আবাদ হয়েছে। (প্রথম পৃষ্ঠার পর) ইতোমধ্যে চলতি মৌসুমে মাঠে মাঠে কৃষকরা ধান কাটা শুরু করেছেন। এ বছর ফলন ভালো হওয়ায় কৃষকের মুখে হাসি ফুটেছে। স্থানীয় কৃষি বিভাগ জানায়, লক্ষ্যমাত্রার চেয়ে বেশি জমিতে আবাদ হয়েছে। (প্রথম পৃষ্ঠার পর) ইতোমধ্যে চলতি মৌসুমে মাঠে মাঠে কৃষকরা ধান কাটা শুরু করেছেন। এ বছর ফলন ভালো হওয়ায় কৃষকের মুখে হাসি ফুটেছে। স্থানীয় কৃষি বিভাগ জানায়, লক্ষ্যমাত্রার চেয়ে বেশি জমিতে আবাদ হয়েছে। (প্রথম পৃষ্ঠার পর) ইতোমধ্যে চলতি মৌসুমে মাঠে মাঠে কৃষকরা ধান কাটা শুরু করেছেন। এ বছর ফলন ভালো হওয়ায় কৃষকের মুখে হাসি ফুটেছে। স্থানীয় কৃষি বিভাগ জানায়, লক্ষ্যমাত্রার চেয়ে বেশি জমিতে আবাদ হয়েছে। (প্রথম পৃষ্ঠার পর) ইতোমধ্যে চলতি মৌসুমে মাঠে মাঠে কৃষকরা ধান কাটা শুরু করেছেন। এ বছর ফলন ভালো হওয়ায় কৃষকের মুখে হাসি ফুটেছে। স্থানীয় কৃষি বিভাগ জানায়, লক্ষ্যমাত্রার চেয়ে বেশি জমিতে আবাদ হয়েছে।
নাটিন ইসলাম প্রান্তিক পর্যায়ে নেটওয়ার্ক পৌঁছে দেওয়া হবে
নিজস্ব প্রতিবেদক
(প্রথম পৃষ্ঠার পর) ইতোমধ্যে চলতি মৌসুমে মাঠে মাঠে কৃষকরা ধান কাটা শুরু করেছেন। এ বছর ফলন ভালো হওয়ায় কৃষকের মুখে হাসি ফুটেছে। স্থানীয় কৃষি বিভাগ জানায়, লক্ষ্যমাত্রার চেয়ে বেশি জমিতে আবাদ হয়েছে। (প্রথম পৃষ্ঠার পর) ইতোমধ্যে চলতি মৌসুমে মাঠে মাঠে কৃষকরা ধান কাটা শুরু করেছেন। এ বছর ফলন ভালো হওয়ায় কৃষকের মুখে হাসি ফুটেছে। স্থানীয় কৃষি বিভাগ জানায়, লক্ষ্যমাত্রার চেয়ে বেশি জমিতে আবাদ হয়েছে। (প্রথম পৃষ্ঠার পর) ইতোমধ্যে চলতি মৌসুমে মাঠে মাঠে কৃষকরা ধান কাটা শুরু করেছেন। এ বছর ফলন ভালো হওয়ায় কৃষকের মুখে হাসি ফুটেছে। স্থানীয় কৃষি বিভাগ জানায়, লক্ষ্যমাত্রার চেয়ে বেশি জমিতে আবাদ হয়েছে। (প্রথম পৃষ্ঠার পর) ইতোমধ্যে চলতি মৌসুমে মাঠে মাঠে কৃষকরা ধান কাটা শুরু করেছেন। এ বছর ফলন ভালো হওয়ায় কৃষকের মুখে হাসি ফুটেছে। স্থানীয় কৃষি বিভাগ জানায়, লক্ষ্যমাত্রার চেয়ে বেশি জমিতে আবাদ হয়েছে।
তারেকের পিএস অপু খালাস
(প্রথম পৃষ্ঠার পর) ইতোমধ্যে চলতি মৌসুমে মাঠে মাঠে কৃষকরা ধান কাটা শুরু করেছেন। এ বছর ফলন ভালো হওয়ায় কৃষকের মুখে হাসি ফুটেছে। স্থানীয় কৃষি বিভাগ জানায়, লক্ষ্যমাত্রার চেয়ে বেশি জমিতে আবাদ হয়েছে। (প্রথম পৃষ্ঠার পর) ইতোমধ্যে চলতি মৌসুমে মাঠে মাঠে কৃষকরা ধান কাটা শুরু করেছেন। এ বছর ফলন ভালো হওয়ায় কৃষকের মুখে হাসি ফুটেছে। স্থানীয় কৃষি বিভাগ জানায়, লক্ষ্যমাত্রার চেয়ে বেশি জমিতে আবাদ হয়েছে। (প্রথম পৃষ্ঠার পর) ইতোমধ্যে চলতি মৌসুমে মাঠে মাঠে কৃষকরা ধান কাটা শুরু করেছেন। এ বছর ফলন ভালো হওয়ায় কৃষকের মুখে হাসি ফুটেছে। স্থানীয় কৃষি বিভাগ জানায়, লক্ষ্যমাত্রার চেয়ে বেশি জমিতে আবাদ হয়েছে। (প্রথম পৃষ্ঠার পর) ইতোমধ্যে চলতি মৌসুমে মাঠে মাঠে কৃষকরা ধান কাটা শুরু করেছেন। এ বছর ফলন ভালো হওয়ায় কৃষকের মুখে হাসি ফুটেছে। স্থানীয় কৃষি বিভাগ জানায়, লক্ষ্যমাত্রার চেয়ে বেশি জমিতে আবাদ হয়েছে।
পরিবেশের জায়গা দখলের প্রতিবাদে মানববন্ধন
নিজস্ব প্রতিবেদক
(প্রথম পৃষ্ঠার পর) ইতোমধ্যে চলতি মৌসুমে মাঠে মাঠে কৃষকরা ধান কাটা শুরু করেছেন। এ বছর ফলন ভালো হওয়ায় কৃষকের মুখে হাসি ফুটেছে। স্থানীয় কৃষি বিভাগ জানায়, লক্ষ্যমাত্রার চেয়ে বেশি জমিতে আবাদ হয়েছে। (প্রথম পৃষ্ঠার পর) ইতোমধ্যে চলতি মৌসুমে মাঠে মাঠে কৃষকরা ধান কাটা শুরু করেছেন। এ বছর ফলন ভালো হওয়ায় কৃষকের মুখে হাসি ফুটেছে। স্থানীয় কৃষি বিভাগ জানায়, লক্ষ্যমাত্রার চেয়ে বেশি জমিতে আবাদ হয়েছে। (প্রথম পৃষ্ঠার পর) ইতোমধ্যে চলতি মৌসুমে মাঠে মাঠে কৃষকরা ধান কাটা শুরু করেছেন। এ বছর ফলন ভালো হওয়ায় কৃষকের মুখে হাসি ফুটেছে। স্থানীয় কৃষি বিভাগ জানায়, লক্ষ্যমাত্রার চেয়ে বেশি জমিতে আবাদ হয়েছে। (প্রথম পৃষ্ঠার পর) ইতোমধ্যে চলতি মৌসুমে মাঠে মাঠে কৃষকরা ধান কাটা শুরু করেছেন। এ বছর ফলন ভালো হওয়ায় কৃষকের মুখে হাসি ফুটেছে। স্থানীয় কৃষি বিভাগ জানায়, লক্ষ্যমাত্রার চেয়ে বেশি জমিতে আবাদ হয়েছে।
মৃত্যুবার্ষিকী
(প্রথম পৃষ্ঠার পর) ইতোমধ্যে চলতি মৌসুমে মাঠে মাঠে কৃষকরা ধান কাটা শুরু করেছেন। এ বছর ফলন ভালো হওয়ায় কৃষকের মুখে হাসি ফুটেছে। স্থানীয় কৃষি বিভাগ জানায়, লক্ষ্যমাত্রার চেয়ে বেশি জমিতে আবাদ হয়েছে। (প্রথম পৃষ্ঠার পর) ইতোমধ্যে চলতি মৌসুমে মাঠে মাঠে কৃষকরা ধান কাটা শুরু
শ্রীমঙ্গলে চোরাচালান ও জাহাজ
(প্রথম পৃষ্ঠার পর) ইতোমধ্যে চলতি মৌসুমে মাঠে মাঠে কৃষকরা ধান কাটা শুরু করেছেন। এ বছর ফলন ভালো হওয়ায় কৃষকের মুখে হাসি ফুটেছে। স্থানীয় কৃষি বিভাগ জানায়, লক্ষ্যমাত্রার চেয়ে বেশি জমিতে আবাদ হয়েছে। (প্রথম পৃষ্ঠার পর) ইতোমধ্যে চলতি মৌসুমে মাঠে মাঠে কৃষকরা ধান কাটা শুরু করেছেন। এ বছর ফলন ভালো হওয়ায় কৃষকের মুখে হাসি ফুটেছে। স্থানীয় কৃষি বিভাগ জানায়, লক্ষ্যমাত্রার চেয়ে বেশি জমিতে আবাদ হয়েছে। (প্রথম পৃষ্ঠার পর) ইতোমধ্যে চলতি মৌসুমে মাঠে মাঠে কৃষকরা ধান কাটা শুরু করেছেন। এ বছর ফলন ভালো হওয়ায় কৃষকের মুখে হাসি ফুটেছে। স্থানীয় কৃষি বিভাগ জানায়, লক্ষ্যমাত্রার চেয়ে বেশি জমিতে আবাদ হয়েছে।
লটারির ফাঁদে গোমা
(প্রথম পৃষ্ঠার পর) ইতোমধ্যে চলতি মৌসুমে মাঠে মাঠে কৃষকরা ধান কাটা শুরু করেছেন। এ বছর ফলন ভালো হওয়ায় কৃষকের মুখে হাসি ফুটেছে। স্থানীয় কৃষি বিভাগ জানায়, লক্ষ্যমাত্রার চেয়ে বেশি জমিতে আবাদ হয়েছে। (প্রথম পৃষ্ঠার পর) ইতোমধ্যে চলতি মৌসুমে মাঠে মাঠে কৃষকরা ধান কাটা শুরু করেছেন। এ বছর ফলন ভালো হওয়ায় কৃষকের মুখে হাসি ফুটেছে। স্থানীয় কৃষি বিভাগ জানায়, লক্ষ্যমাত্রার চেয়ে বেশি জমিতে আবাদ হয়েছে। (প্রথম পৃষ্ঠার পর) ইতোমধ্যে চলতি মৌসুমে মাঠে মাঠে কৃষকরা ধান কাটা শুরু করেছেন। এ বছর ফলন ভালো হওয়ায় কৃষকের মুখে হাসি ফুটেছে। স্থানীয় কৃষি বিভাগ জানায়, লক্ষ্যমাত্রার চেয়ে বেশি জমিতে আবাদ হয়েছে।
